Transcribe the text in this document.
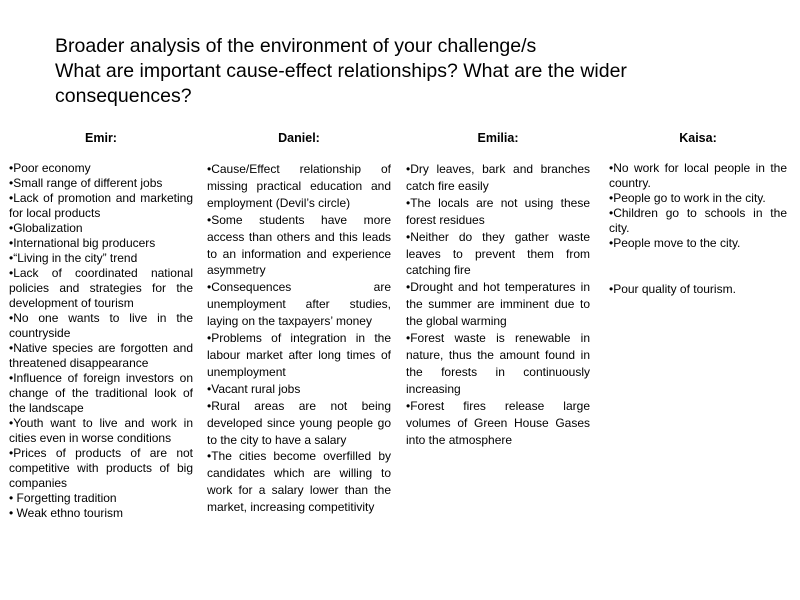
Broader analysis of the environment of your challenge/s
What are important cause-effect relationships? What are the wider consequences?
Emir:
• Poor economy
• Small range of different jobs
• Lack of promotion and marketing for local products
• Globalization
• International big producers
• “Living in the city” trend
• Lack of coordinated national policies and strategies for the development of tourism
• No one wants to live in the countryside
• Native species are forgotten and threatened disappearance
• Influence of foreign investors on change of the traditional look of the landscape
• Youth want to live and work in cities even in worse conditions
• Prices of products of are not competitive with products of big companies
• Forgetting tradition
• Weak ethno tourism
Daniel:
• Cause/Effect relationship of missing practical education and employment (Devil’s circle)
• Some students have more access than others and this leads to an information and experience asymmetry
• Consequences are unemployment after studies, laying on the taxpayers’ money
• Problems of integration in the labour market after long times of unemployment
• Vacant rural jobs
• Rural areas are not being developed since young people go to the city to have a salary
• The cities become overfilled by candidates which are willing to work for a salary lower than the market, increasing competitivity
Emilia:
• Dry leaves, bark and branches catch fire easily
• The locals are not using these forest residues
• Neither do they gather waste leaves to prevent them from catching fire
• Drought and hot temperatures in the summer are imminent due to the global warming
• Forest waste is renewable in nature, thus the amount found in the forests in continuously increasing
• Forest fires release large volumes of Green House Gases into the atmosphere
Kaisa:
• No work for local people in the country.
• People go to work in the city.
• Children go to schools in the city.
• People move to the city.
• Pour quality of tourism.
